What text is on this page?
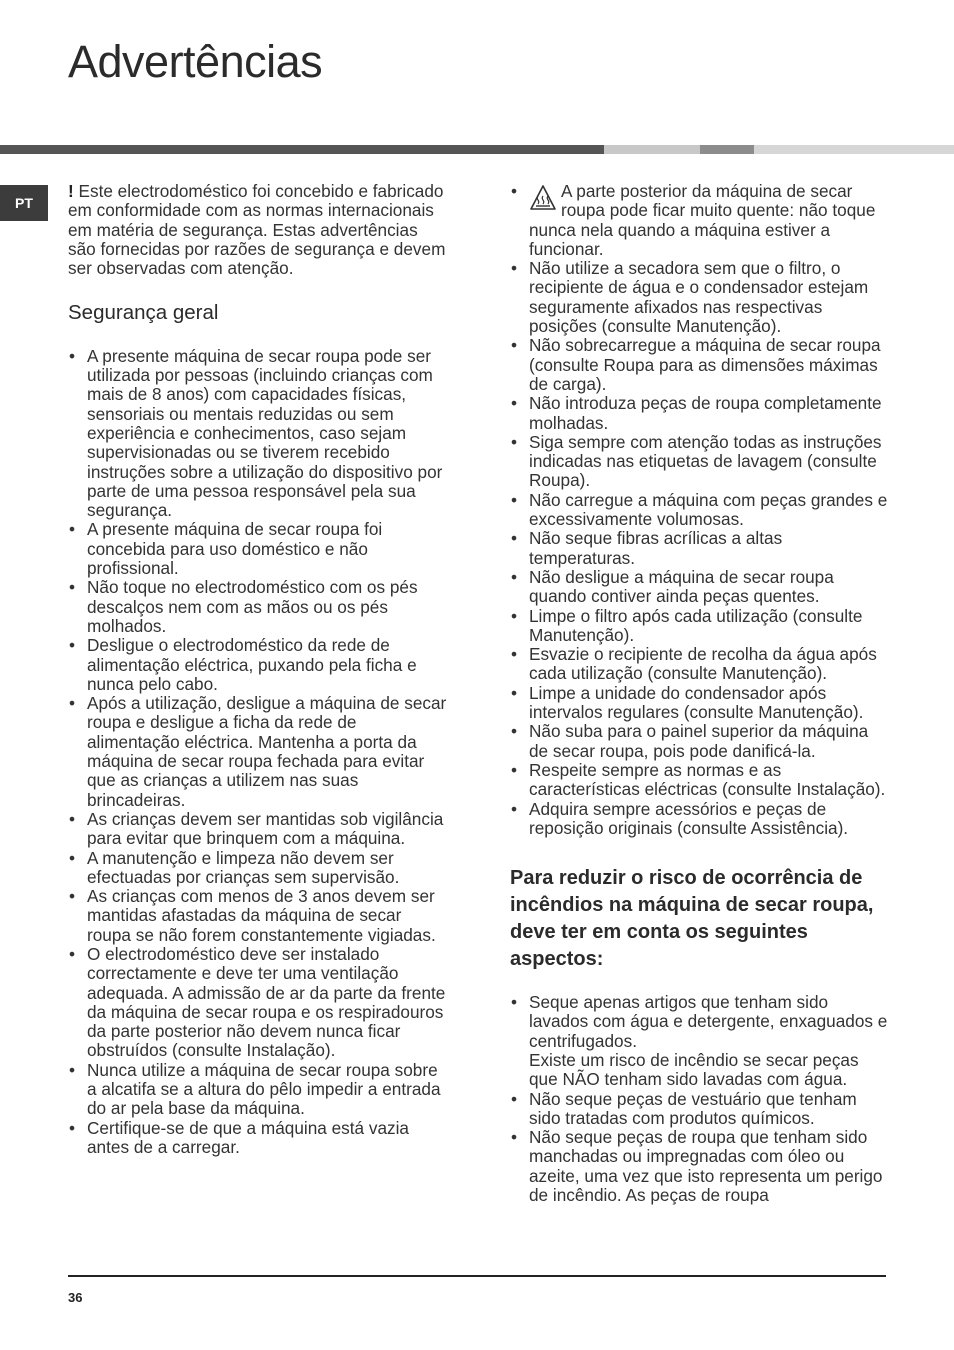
Advertências
PT

! Este electrodoméstico foi concebido e fabricado em conformidade com as normas internacionais em matéria de segurança. Estas advertências são fornecidas por razões de segurança e devem ser observadas com atenção.

Segurança geral
• A presente máquina de secar roupa pode ser utilizada por pessoas (incluindo crianças com mais de 8 anos) com capacidades físicas, sensoriais ou mentais reduzidas ou sem experiência e conhecimentos, caso sejam supervisionadas ou se tiverem recebido instruções sobre a utilização do dispositivo por parte de uma pessoa responsável pela sua segurança.
• A presente máquina de secar roupa foi concebida para uso doméstico e não profissional.
• Não toque no electrodoméstico com os pés descalços nem com as mãos ou os pés molhados.
• Desligue o electrodoméstico da rede de alimentação eléctrica, puxando pela ficha e nunca pelo cabo.
• Após a utilização, desligue a máquina de secar roupa e desligue a ficha da rede de alimentação eléctrica. Mantenha a porta da máquina de secar roupa fechada para evitar que as crianças a utilizem nas suas brincadeiras.
• As crianças devem ser mantidas sob vigilância para evitar que brinquem com a máquina.
• A manutenção e limpeza não devem ser efectuadas por crianças sem supervisão.
• As crianças com menos de 3 anos devem ser mantidas afastadas da máquina de secar roupa se não forem constantemente vigiadas.
• O electrodoméstico deve ser instalado correctamente e deve ter uma ventilação adequada. A admissão de ar da parte da frente da máquina de secar roupa e os respiradouros da parte posterior não devem nunca ficar obstruídos (consulte Instalação).
• Nunca utilize a máquina de secar roupa sobre a alcatifa se a altura do pêlo impedir a entrada do ar pela base da máquina.
• Certifique-se de que a máquina está vazia antes de a carregar.
• A parte posterior da máquina de secar roupa pode ficar muito quente: não toque nunca nela quando a máquina estiver a funcionar.
• Não utilize a secadora sem que o filtro, o recipiente de água e o condensador estejam seguramente afixados nas respectivas posições (consulte Manutenção).
• Não sobrecarregue a máquina de secar roupa (consulte Roupa para as dimensões máximas de carga).
• Não introduza peças de roupa completamente molhadas.
• Siga sempre com atenção todas as instruções indicadas nas etiquetas de lavagem (consulte Roupa).
• Não carregue a máquina com peças grandes e excessivamente volumosas.
• Não seque fibras acrílicas a altas temperaturas.
• Não desligue a máquina de secar roupa quando contiver ainda peças quentes.
• Limpe o filtro após cada utilização (consulte Manutenção).
• Esvazie o recipiente de recolha da água após cada utilização (consulte Manutenção).
• Limpe a unidade do condensador após intervalos regulares (consulte Manutenção).
• Não suba para o painel superior da máquina de secar roupa, pois pode danificá-la.
• Respeite sempre as normas e as características eléctricas (consulte Instalação).
• Adquira sempre acessórios e peças de reposição originais (consulte Assistência).
Para reduzir o risco de ocorrência de incêndios na máquina de secar roupa, deve ter em conta os seguintes aspectos:
• Seque apenas artigos que tenham sido lavados com água e detergente, enxaguados e centrifugados.
Existe um risco de incêndio se secar peças que NÃO tenham sido lavadas com água.
• Não seque peças de vestuário que tenham sido tratadas com produtos químicos.
• Não seque peças de roupa que tenham sido manchadas ou impregnadas com óleo ou azeite, uma vez que isto representa um perigo de incêndio. As peças de roupa
36
